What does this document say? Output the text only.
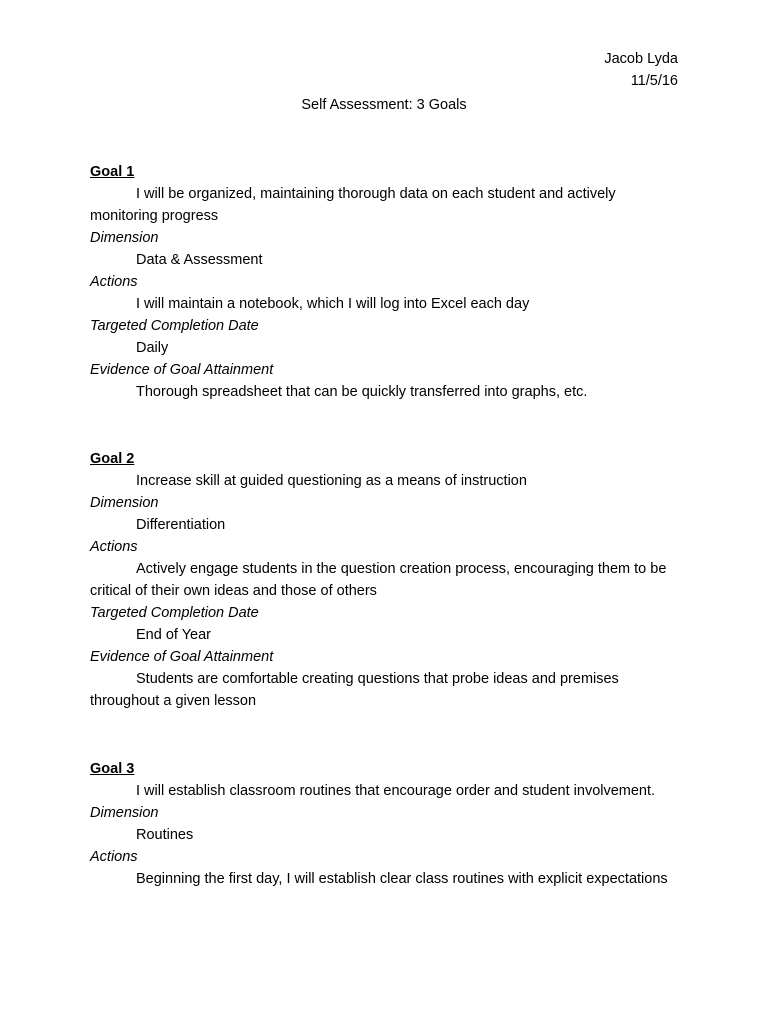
Jacob Lyda
11/5/16
Self Assessment: 3 Goals

Goal 1

I will be organized, maintaining thorough data on each student and actively monitoring progress

Dimension

Data & Assessment

Actions

I will maintain a notebook, which I will log into Excel each day

Targeted Completion Date

Daily

Evidence of Goal Attainment

Thorough spreadsheet that can be quickly transferred into graphs, etc.

Goal 2

Increase skill at guided questioning as a means of instruction

Dimension

Differentiation

Actions

Actively engage students in the question creation process, encouraging them to be critical of their own ideas and those of others

Targeted Completion Date

End of Year

Evidence of Goal Attainment

Students are comfortable creating questions that probe ideas and premises throughout a given lesson

Goal 3

I will establish classroom routines that encourage order and student involvement.

Dimension

Routines

Actions

Beginning the first day, I will establish clear class routines with explicit expectations
